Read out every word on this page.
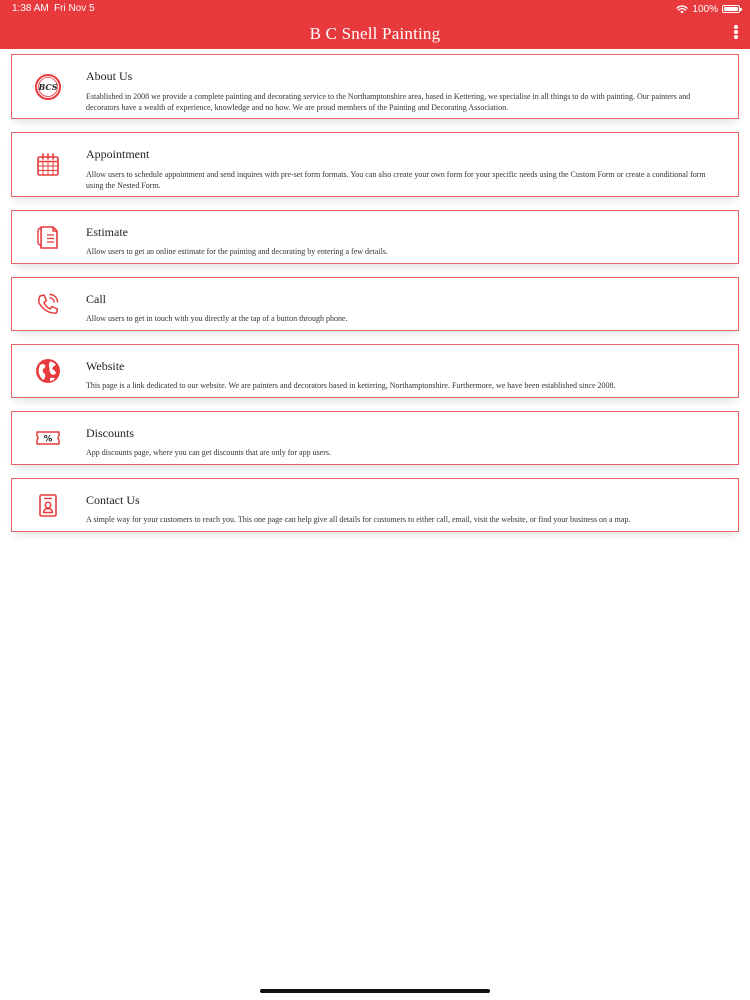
1:38 AM Fri Nov 5	100%
B C Snell Painting
BCS
About Us
Established in 2008 we provide a complete painting and decorating service to the Northamptonshire area, based in Kettering, we specialise in all things to do with painting. Our painters and decorators have a wealth of experience, knowledge and no how. We are proud members of the Painting and Decorating Association.
Appointment
Allow users to schedule appointment and send inquires with pre-set form formats. You can also create your own form for your specific needs using the Custom Form or create a conditional form using the Nested Form.
Estimate
Allow users to get an online estimate for the painting and decorating by entering a few details.
Call
Allow users to get in touch with you directly at the tap of a button through phone.
Website
This page is a link dedicated to our website. We are painters and decorators based in kettering, Northamptonshire. Furthermore, we have been established since 2008.
%	Discounts
App discounts page, where you can get discounts that are only for app users.
Contact Us
A simple way for your customers to reach you. This one page can help give all details for customers to either call, email, visit the website, or find your business on a map.
